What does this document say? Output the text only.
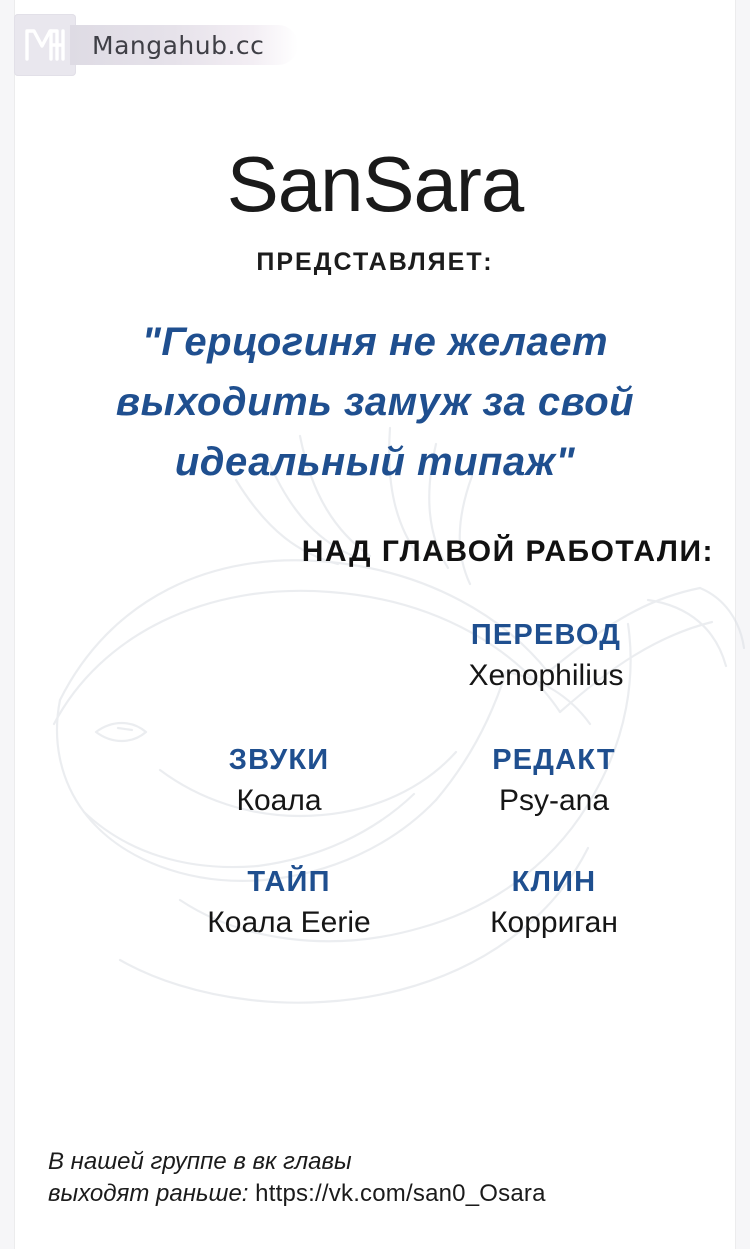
Mangahub.cc
SanSara
ПРЕДСТАВЛЯЕТ:
"Герцогиня не желает
выходить замуж за свой
идеальный типаж"
НАД ГЛАВОЙ РАБОТАЛИ:
ПЕРЕВОД
Xenophilius
ЗВУКИ
Коала
РЕДАКТ
Psy-ana
ТАЙП
Коала Eerie
КЛИН
Корриган
В нашей группе в вк главы
выходят раньше: https://vk.com/san0_Osara
